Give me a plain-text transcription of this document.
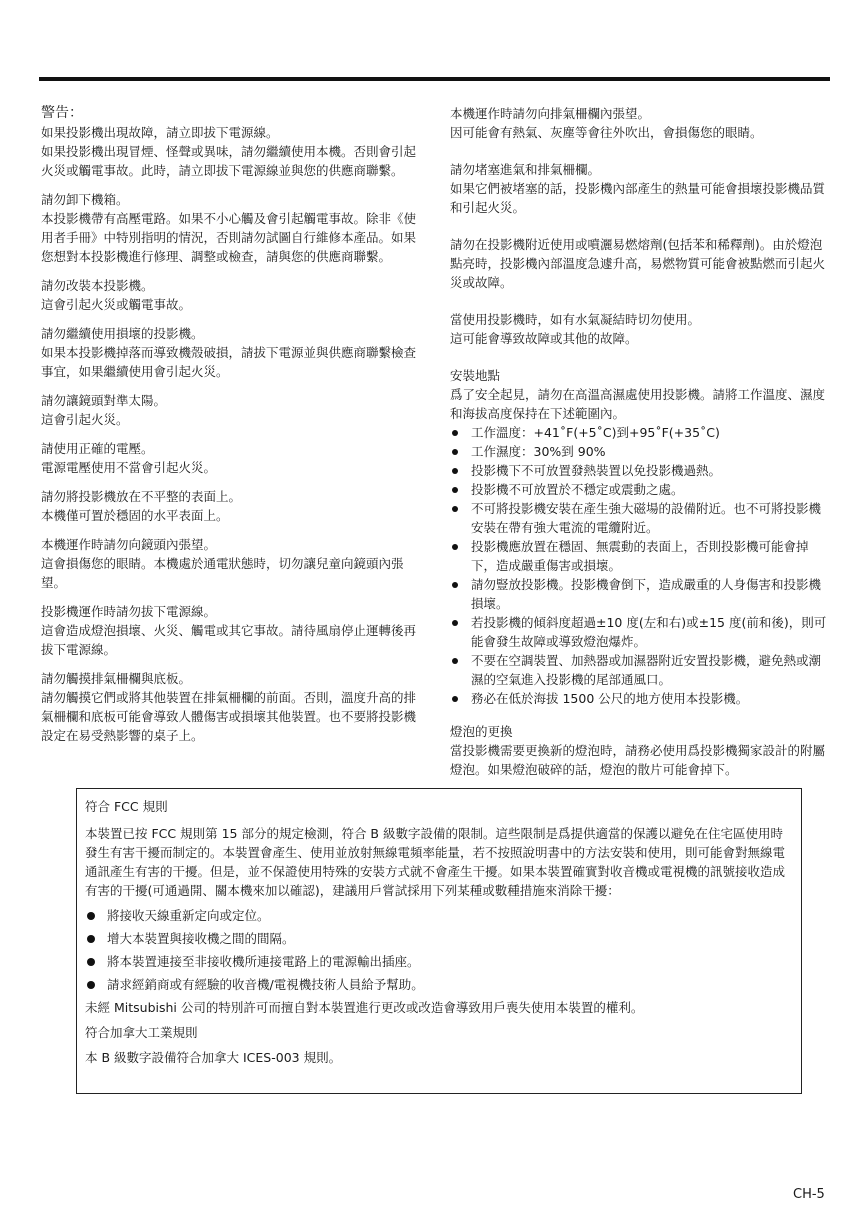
警告：

如果投影機出現故障，請立即拔下電源線。

如果投影機出現冒煙、怪聲或異味，請勿繼續使用本機。否則會引起火災或觸電事故。此時，請立即拔下電源線並與您的供應商聯繫。

請勿卸下機箱。

本投影機帶有高壓電路。如果不小心觸及會引起觸電事故。除非《使用者手冊》中特別指明的情況，否則請勿試圖自行維修本產品。如果您想對本投影機進行修理、調整或檢查，請與您的供應商聯繫。

請勿改裝本投影機。

這會引起火災或觸電事故。

請勿繼續使用損壞的投影機。

如果本投影機掉落而導致機殼破損，請拔下電源並與供應商聯繫檢查事宜，如果繼續使用會引起火災。

請勿讓鏡頭對準太陽。

這會引起火災。

請使用正確的電壓。

電源電壓使用不當會引起火災。

請勿將投影機放在不平整的表面上。

本機僅可置於穩固的水平表面上。

本機運作時請勿向鏡頭內張望。

這會損傷您的眼睛。本機處於通電狀態時，切勿讓兒童向鏡頭內張望。

投影機運作時請勿拔下電源線。

這會造成燈泡損壞、火災、觸電或其它事故。請待風扇停止運轉後再拔下電源線。

請勿觸摸排氣柵欄與底板。

請勿觸摸它們或將其他裝置在排氣柵欄的前面。否則，溫度升高的排氣柵欄和底板可能會導致人體傷害或損壞其他裝置。也不要將投影機設定在易受熱影響的桌子上。

本機運作時請勿向排氣柵欄內張望。

因可能會有熱氣、灰塵等會往外吹出，會損傷您的眼睛。

請勿堵塞進氣和排氣柵欄。

如果它們被堵塞的話，投影機內部產生的熱量可能會損壞投影機品質和引起火災。

請勿在投影機附近使用或噴灑易燃熔劑(包括苯和稀釋劑)。由於燈泡點亮時，投影機內部溫度急遽升高，易燃物質可能會被點燃而引起火災或故障。

當使用投影機時，如有水氣凝結時切勿使用。

這可能會導致故障或其他的故障。

安裝地點

爲了安全起見，請勿在高溫高濕處使用投影機。請將工作溫度、濕度和海拔高度保持在下述範圍內。

工作溫度：+41˚F(+5˚C)到+95˚F(+35˚C)
工作濕度：30%到 90%
投影機下不可放置發熱裝置以免投影機過熱。
投影機不可放置於不穩定或震動之處。
不可將投影機安裝在產生強大磁場的設備附近。也不可將投影機安裝在帶有強大電流的電纜附近。
投影機應放置在穩固、無震動的表面上，否則投影機可能會掉下，造成嚴重傷害或損壞。
請勿豎放投影機。投影機會倒下，造成嚴重的人身傷害和投影機損壞。
若投影機的傾斜度超過±10 度(左和右)或±15 度(前和後)，則可能會發生故障或導致燈泡爆炸。
不要在空調裝置、加熱器或加濕器附近安置投影機，避免熱或潮濕的空氣進入投影機的尾部通風口。
務必在低於海拔 1500 公尺的地方使用本投影機。

燈泡的更換

當投影機需要更換新的燈泡時，請務必使用爲投影機獨家設計的附屬燈泡。如果燈泡破碎的話，燈泡的散片可能會掉下。

符合 FCC 規則

本裝置已按 FCC 規則第 15 部分的規定檢測，符合 B 級數字設備的限制。這些限制是爲提供適當的保護以避免在住宅區使用時發生有害干擾而制定的。本裝置會產生、使用並放射無線電頻率能量，若不按照說明書中的方法安裝和使用，則可能會對無線電通訊產生有害的干擾。但是，並不保證使用特殊的安裝方式就不會產生干擾。如果本裝置確實對收音機或電視機的訊號接收造成有害的干擾(可通過開、關本機來加以確認)，建議用戶嘗試採用下列某種或數種措施來消除干擾：

將接收天線重新定向或定位。
增大本裝置與接收機之間的間隔。
將本裝置連接至非接收機所連接電路上的電源輸出插座。
請求經銷商或有經驗的收音機/電視機技術人員給予幫助。

未經 Mitsubishi 公司的特別許可而擅自對本裝置進行更改或改造會導致用戶喪失使用本裝置的權利。

符合加拿大工業規則

本 B 級數字設備符合加拿大 ICES-003 規則。

CH-5
